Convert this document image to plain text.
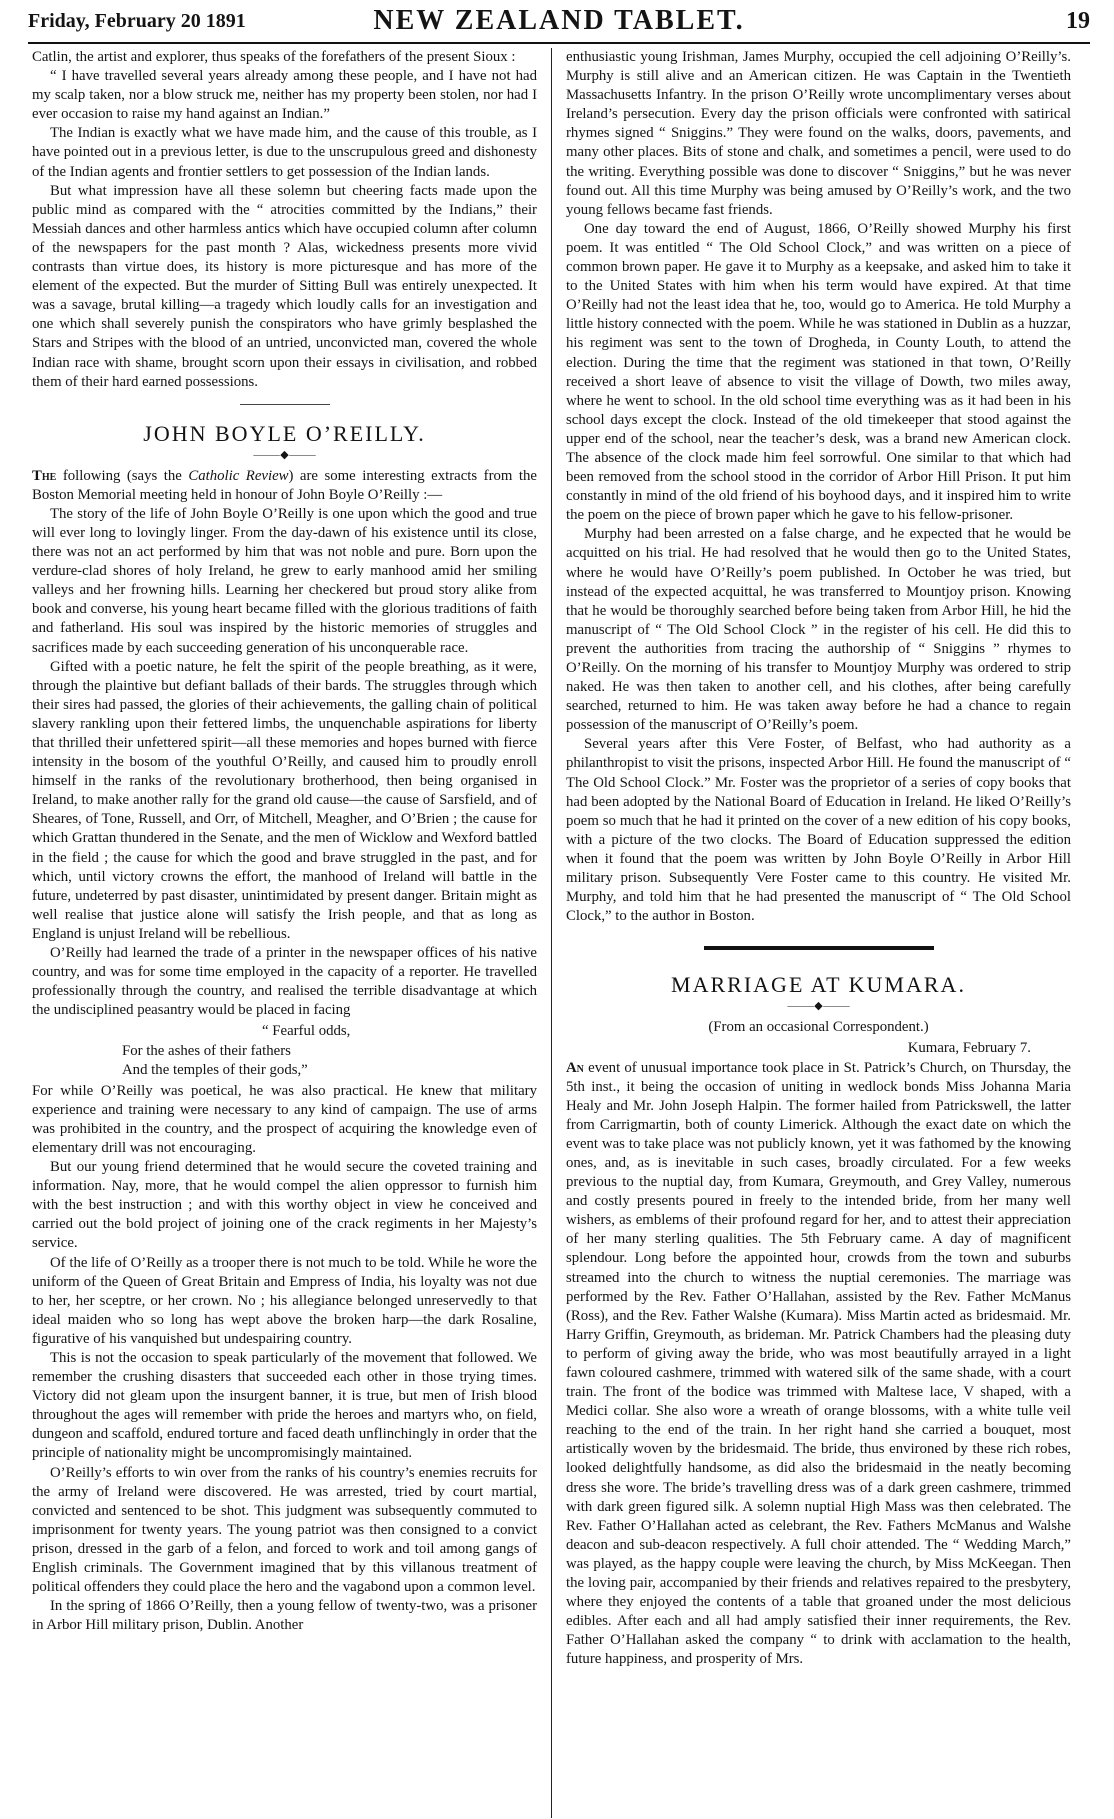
Friday, February 20 1891	NEW ZEALAND TABLET.	19

Catlin, the artist and explorer, thus speaks of the forefathers of the present Sioux :

“ I have travelled several years already among these people, and I have not had my scalp taken, nor a blow struck me, neither has my property been stolen, nor had I ever occasion to raise my hand against an Indian.”

The Indian is exactly what we have made him, and the cause of this trouble, as I have pointed out in a previous letter, is due to the unscrupulous greed and dishonesty of the Indian agents and frontier settlers to get possession of the Indian lands.

But what impression have all these solemn but cheering facts made upon the public mind as compared with the “ atrocities committed by the Indians,” their Messiah dances and other harmless antics which have occupied column after column of the newspapers for the past month ? Alas, wickedness presents more vivid contrasts than virtue does, its history is more picturesque and has more of the element of the expected. But the murder of Sitting Bull was entirely unexpected. It was a savage, brutal killing—a tragedy which loudly calls for an investigation and one which shall severely punish the conspirators who have grimly besplashed the Stars and Stripes with the blood of an untried, unconvicted man, covered the whole Indian race with shame, brought scorn upon their essays in civilisation, and robbed them of their hard earned possessions.

JOHN BOYLE O’REILLY.
⸻◆⸻

The following (says the Catholic Review) are some interesting extracts from the Boston Memorial meeting held in honour of John Boyle O’Reilly :—

The story of the life of John Boyle O’Reilly is one upon which the good and true will ever long to lovingly linger. From the day-dawn of his existence until its close, there was not an act performed by him that was not noble and pure. Born upon the verdure-clad shores of holy Ireland, he grew to early manhood amid her smiling valleys and her frowning hills. Learning her checkered but proud story alike from book and converse, his young heart became filled with the glorious traditions of faith and fatherland. His soul was inspired by the historic memories of struggles and sacrifices made by each succeeding generation of his unconquerable race.

Gifted with a poetic nature, he felt the spirit of the people breathing, as it were, through the plaintive but defiant ballads of their bards. The struggles through which their sires had passed, the glories of their achievements, the galling chain of political slavery rankling upon their fettered limbs, the unquenchable aspirations for liberty that thrilled their unfettered spirit—all these memories and hopes burned with fierce intensity in the bosom of the youthful O’Reilly, and caused him to proudly enroll himself in the ranks of the revolutionary brotherhood, then being organised in Ireland, to make another rally for the grand old cause—the cause of Sarsfield, and of Sheares, of Tone, Russell, and Orr, of Mitchell, Meagher, and O’Brien ; the cause for which Grattan thundered in the Senate, and the men of Wicklow and Wexford battled in the field ; the cause for which the good and brave struggled in the past, and for which, until victory crowns the effort, the manhood of Ireland will battle in the future, undeterred by past disaster, unintimidated by present danger. Britain might as well realise that justice alone will satisfy the Irish people, and that as long as England is unjust Ireland will be rebellious.

O’Reilly had learned the trade of a printer in the newspaper offices of his native country, and was for some time employed in the capacity of a reporter. He travelled professionally through the country, and realised the terrible disadvantage at which the undisciplined peasantry would be placed in facing

“ Fearful odds,
For the ashes of their fathers
And the temples of their gods,”

For while O’Reilly was poetical, he was also practical. He knew that military experience and training were necessary to any kind of campaign. The use of arms was prohibited in the country, and the prospect of acquiring the knowledge even of elementary drill was not encouraging.

But our young friend determined that he would secure the coveted training and information. Nay, more, that he would compel the alien oppressor to furnish him with the best instruction ; and with this worthy object in view he conceived and carried out the bold project of joining one of the crack regiments in her Majesty’s service.

Of the life of O’Reilly as a trooper there is not much to be told. While he wore the uniform of the Queen of Great Britain and Empress of India, his loyalty was not due to her, her sceptre, or her crown. No ; his allegiance belonged unreservedly to that ideal maiden who so long has wept above the broken harp—the dark Rosaline, figurative of his vanquished but undespairing country.

This is not the occasion to speak particularly of the movement that followed. We remember the crushing disasters that succeeded each other in those trying times. Victory did not gleam upon the insurgent banner, it is true, but men of Irish blood throughout the ages will remember with pride the heroes and martyrs who, on field, dungeon and scaffold, endured torture and faced death unflinchingly in order that the principle of nationality might be uncompromisingly maintained.

O’Reilly’s efforts to win over from the ranks of his country’s enemies recruits for the army of Ireland were discovered. He was arrested, tried by court martial, convicted and sentenced to be shot. This judgment was subsequently commuted to imprisonment for twenty years. The young patriot was then consigned to a convict prison, dressed in the garb of a felon, and forced to work and toil among gangs of English criminals. The Government imagined that by this villanous treatment of political offenders they could place the hero and the vagabond upon a common level.

In the spring of 1866 O’Reilly, then a young fellow of twenty-two, was a prisoner in Arbor Hill military prison, Dublin. Another

enthusiastic young Irishman, James Murphy, occupied the cell adjoining O’Reilly’s. Murphy is still alive and an American citizen. He was Captain in the Twentieth Massachusetts Infantry. In the prison O’Reilly wrote uncomplimentary verses about Ireland’s persecution. Every day the prison officials were confronted with satirical rhymes signed “ Sniggins.” They were found on the walks, doors, pavements, and many other places. Bits of stone and chalk, and sometimes a pencil, were used to do the writing. Everything possible was done to discover “ Sniggins,” but he was never found out. All this time Murphy was being amused by O’Reilly’s work, and the two young fellows became fast friends.

One day toward the end of August, 1866, O’Reilly showed Murphy his first poem. It was entitled “ The Old School Clock,” and was written on a piece of common brown paper. He gave it to Murphy as a keepsake, and asked him to take it to the United States with him when his term would have expired. At that time O’Reilly had not the least idea that he, too, would go to America. He told Murphy a little history connected with the poem. While he was stationed in Dublin as a huzzar, his regiment was sent to the town of Drogheda, in County Louth, to attend the election. During the time that the regiment was stationed in that town, O’Reilly received a short leave of absence to visit the village of Dowth, two miles away, where he went to school. In the old school time everything was as it had been in his school days except the clock. Instead of the old timekeeper that stood against the upper end of the school, near the teacher’s desk, was a brand new American clock. The absence of the clock made him feel sorrowful. One similar to that which had been removed from the school stood in the corridor of Arbor Hill Prison. It put him constantly in mind of the old friend of his boyhood days, and it inspired him to write the poem on the piece of brown paper which he gave to his fellow-prisoner.

Murphy had been arrested on a false charge, and he expected that he would be acquitted on his trial. He had resolved that he would then go to the United States, where he would have O’Reilly’s poem published. In October he was tried, but instead of the expected acquittal, he was transferred to Mountjoy prison. Knowing that he would be thoroughly searched before being taken from Arbor Hill, he hid the manuscript of “ The Old School Clock ” in the register of his cell. He did this to prevent the authorities from tracing the authorship of “ Sniggins ” rhymes to O’Reilly. On the morning of his transfer to Mountjoy Murphy was ordered to strip naked. He was then taken to another cell, and his clothes, after being carefully searched, returned to him. He was taken away before he had a chance to regain possession of the manuscript of O’Reilly’s poem.

Several years after this Vere Foster, of Belfast, who had authority as a philanthropist to visit the prisons, inspected Arbor Hill. He found the manuscript of “ The Old School Clock.” Mr. Foster was the proprietor of a series of copy books that had been adopted by the National Board of Education in Ireland. He liked O’Reilly’s poem so much that he had it printed on the cover of a new edition of his copy books, with a picture of the two clocks. The Board of Education suppressed the edition when it found that the poem was written by John Boyle O’Reilly in Arbor Hill military prison. Subsequently Vere Foster came to this country. He visited Mr. Murphy, and told him that he had presented the manuscript of “ The Old School Clock,” to the author in Boston.

MARRIAGE AT KUMARA.
⸻◆⸻
(From an occasional Correspondent.)
Kumara, February 7.

An event of unusual importance took place in St. Patrick’s Church, on Thursday, the 5th inst., it being the occasion of uniting in wedlock bonds Miss Johanna Maria Healy and Mr. John Joseph Halpin. The former hailed from Patrickswell, the latter from Carrigmartin, both of county Limerick. Although the exact date on which the event was to take place was not publicly known, yet it was fathomed by the knowing ones, and, as is inevitable in such cases, broadly circulated. For a few weeks previous to the nuptial day, from Kumara, Greymouth, and Grey Valley, numerous and costly presents poured in freely to the intended bride, from her many well wishers, as emblems of their profound regard for her, and to attest their appreciation of her many sterling qualities. The 5th February came. A day of magnificent splendour. Long before the appointed hour, crowds from the town and suburbs streamed into the church to witness the nuptial ceremonies. The marriage was performed by the Rev. Father O’Hallahan, assisted by the Rev. Father McManus (Ross), and the Rev. Father Walshe (Kumara). Miss Martin acted as bridesmaid. Mr. Harry Griffin, Greymouth, as brideman. Mr. Patrick Chambers had the pleasing duty to perform of giving away the bride, who was most beautifully arrayed in a light fawn coloured cashmere, trimmed with watered silk of the same shade, with a court train. The front of the bodice was trimmed with Maltese lace, V shaped, with a Medici collar. She also wore a wreath of orange blossoms, with a white tulle veil reaching to the end of the train. In her right hand she carried a bouquet, most artistically woven by the bridesmaid. The bride, thus environed by these rich robes, looked delightfully handsome, as did also the bridesmaid in the neatly becoming dress she wore. The bride’s travelling dress was of a dark green cashmere, trimmed with dark green figured silk. A solemn nuptial High Mass was then celebrated. The Rev. Father O’Hallahan acted as celebrant, the Rev. Fathers McManus and Walshe deacon and sub-deacon respectively. A full choir attended. The “ Wedding March,” was played, as the happy couple were leaving the church, by Miss McKeegan. Then the loving pair, accompanied by their friends and relatives repaired to the presbytery, where they enjoyed the contents of a table that groaned under the most delicious edibles. After each and all had amply satisfied their inner requirements, the Rev. Father O’Hallahan asked the company “ to drink with acclamation to the health, future happiness, and prosperity of Mrs.
